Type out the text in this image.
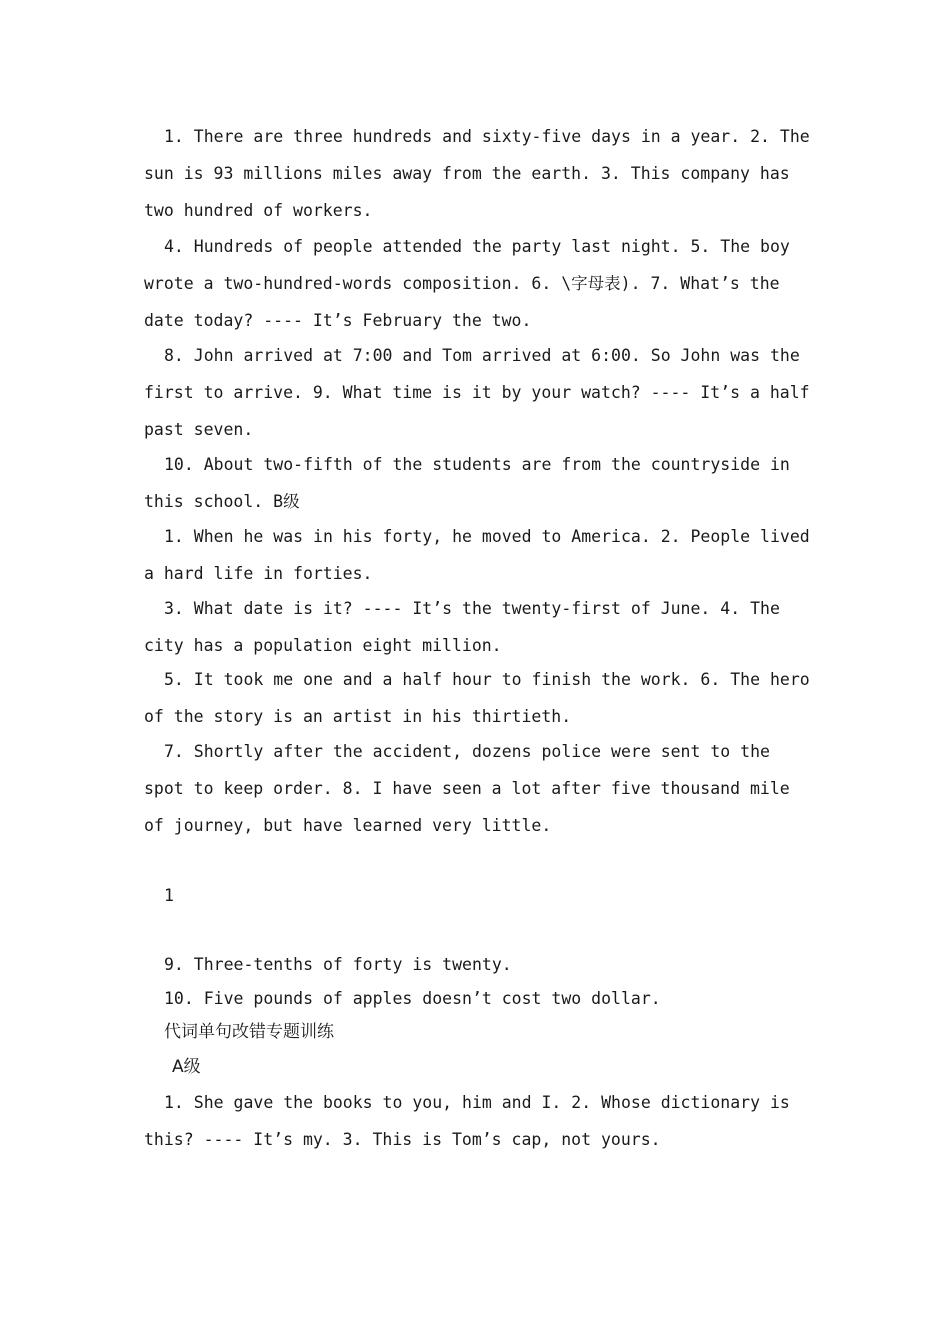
1. There are three hundreds and sixty-five days in a year. 2. The sun is 93 millions miles away from the earth. 3. This company has two hundred of workers.

4. Hundreds of people attended the party last night. 5. The boy wrote a two-hundred-words composition. 6. \字母表). 7. What’s the date today? ---- It’s February the two.

8. John arrived at 7:00 and Tom arrived at 6:00. So John was the first to arrive. 9. What time is it by your watch? ---- It’s a half past seven.

10. About two-fifth of the students are from the countryside in this school. B级

1. When he was in his forty, he moved to America. 2. People lived a hard life in forties.

3. What date is it? ---- It’s the twenty-first of June. 4. The city has a population eight million.

5. It took me one and a half hour to finish the work. 6. The hero of the story is an artist in his thirtieth.

7. Shortly after the accident, dozens police were sent to the spot to keep order. 8. I have seen a lot after five thousand mile of journey, but have learned very little.

1

9. Three-tenths of forty is twenty.

10. Five pounds of apples doesn’t cost two dollar.

代词单句改错专题训练
A级

1. She gave the books to you, him and I. 2. Whose dictionary is this? ---- It’s my. 3. This is Tom’s cap, not yours.
